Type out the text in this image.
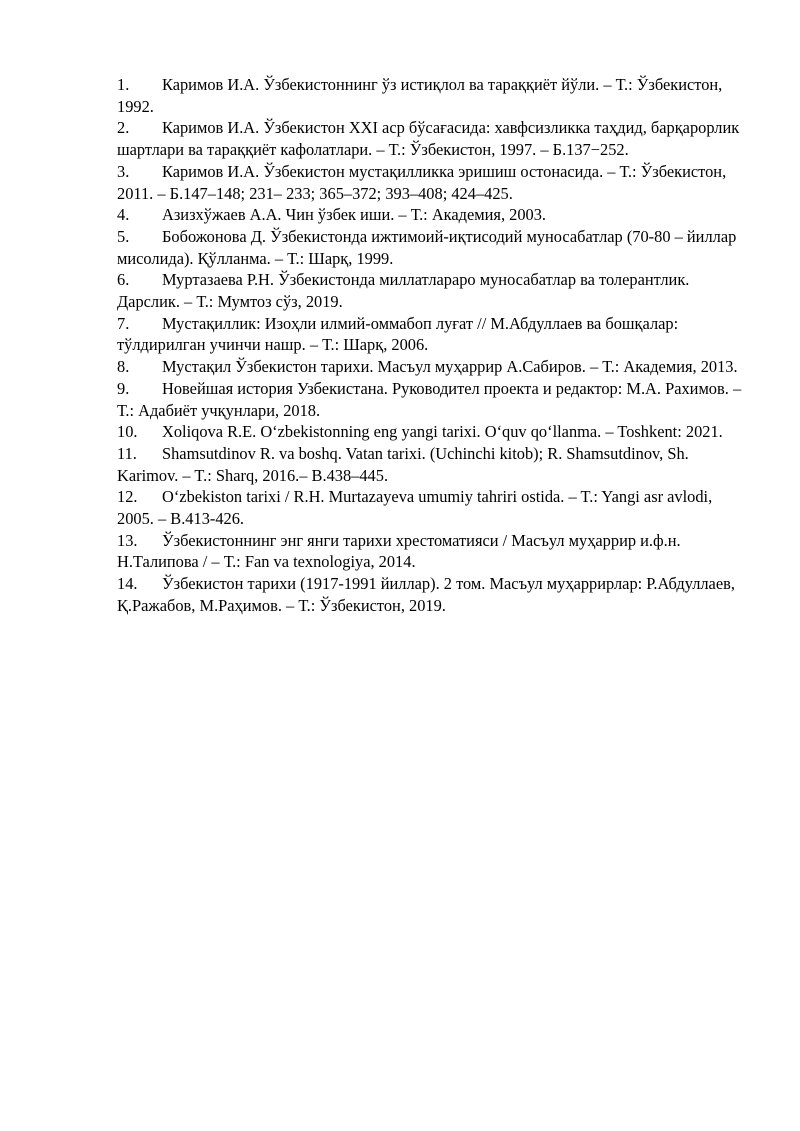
1. Каримов И.А. Ўзбекистоннинг ўз истиқлол ва тараққиёт йўли. – Т.: Ўзбекистон, 1992.
2. Каримов И.А. Ўзбекистон XXI аср бўсағасида: хавфсизликка таҳдид, барқарорлик шартлари ва тараққиёт кафолатлари. – Т.: Ўзбекистон, 1997. – Б.137−252.
3. Каримов И.А. Ўзбекистон мустақилликка эришиш остонасида. – Т.: Ўзбекистон, 2011. – Б.147–148; 231– 233; 365–372; 393–408; 424–425.
4. Азизхўжаев А.А. Чин ўзбек иши. – Т.: Академия, 2003.
5. Бобожонова Д. Ўзбекистонда ижтимоий-иқтисодий муносабатлар (70-80 – йиллар мисолида). Қўлланма. – Т.: Шарқ, 1999.
6. Муртазаева Р.Н. Ўзбекистонда миллатлараро муносабатлар ва толерантлик. Дарслик. – Т.: Мумтоз сўз, 2019.
7. Мустақиллик: Изоҳли илмий-оммабоп луғат // М.Абдуллаев ва бошқалар: тўлдирилган учинчи нашр. – Т.: Шарқ, 2006.
8. Мустақил Ўзбекистон тарихи. Масъул муҳаррир А.Сабиров. – Т.: Академия, 2013.
9. Новейшая история Узбекистана. Руководител проекта и редактор: М.А. Рахимов. – Т.: Адабиёт учқунлари, 2018.
10. Xoliqova R.E. O‘zbekistonning eng yangi tarixi. O‘quv qo‘llanma. – Toshkent: 2021.
11. Shamsutdinov R. va boshq. Vatan tarixi. (Uchinchi kitob); R. Shamsutdinov, Sh. Karimov. – T.: Sharq, 2016.– B.438–445.
12. O‘zbekiston tarixi / R.H. Murtazayeva umumiy tahriri ostida. – T.: Yangi asr avlodi, 2005. – B.413-426.
13. Ўзбекистоннинг энг янги тарихи хрестоматияси / Масъул муҳаррир и.ф.н. Н.Талипова / – Т.: Fan va texnologiya, 2014.
14. Ўзбекистон тарихи (1917-1991 йиллар). 2 том. Масъул муҳаррирлар: Р.Абдуллаев, Қ.Ражабов, М.Раҳимов. – Т.: Ўзбекистон, 2019.
